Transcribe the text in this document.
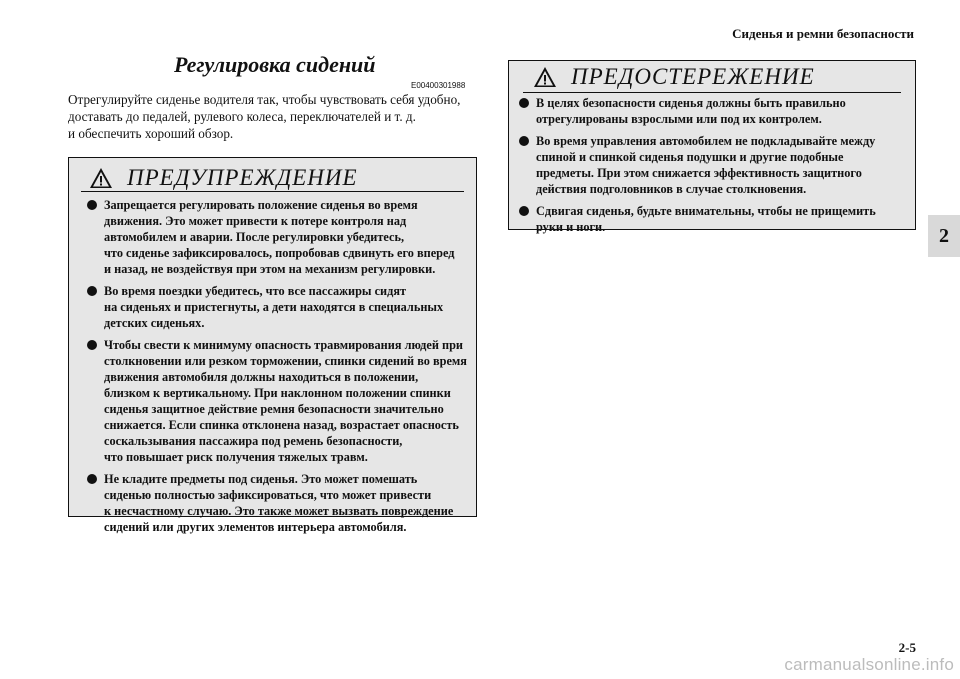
Сиденья и ремни безопасности
2
Регулировка сидений
E00400301988
Отрегулируйте сиденье водителя так, чтобы чувствовать себя удобно,
доставать до педалей, рулевого колеса, переключателей и т. д.
и обеспечить хороший обзор.
ПРЕДУПРЕЖДЕНИЕ
Запрещается регулировать положение сиденья во время
движения. Это может привести к потере контроля над
автомобилем и аварии. После регулировки убедитесь,
что сиденье зафиксировалось, попробовав сдвинуть его вперед
и назад, не воздействуя при этом на механизм регулировки.
Во время поездки убедитесь, что все пассажиры сидят
на сиденьях и пристегнуты, а дети находятся в специальных
детских сиденьях.
Чтобы свести к минимуму опасность травмирования людей при
столкновении или резком торможении, спинки сидений во время
движения автомобиля должны находиться в положении,
близком к вертикальному. При наклонном положении спинки
сиденья защитное действие ремня безопасности значительно
снижается. Если спинка отклонена назад, возрастает опасность
соскальзывания пассажира под ремень безопасности,
что повышает риск получения тяжелых травм.
Не кладите предметы под сиденья. Это может помешать
сиденью полностью зафиксироваться, что может привести
к несчастному случаю. Это также может вызвать повреждение
сидений или других элементов интерьера автомобиля.
ПРЕДОСТЕРЕЖЕНИЕ
В целях безопасности сиденья должны быть правильно
отрегулированы взрослыми или под их контролем.
Во время управления автомобилем не подкладывайте между
спиной и спинкой сиденья подушки и другие подобные
предметы. При этом снижается эффективность защитного
действия подголовников в случае столкновения.
Сдвигая сиденья, будьте внимательны, чтобы не прищемить
руки и ноги.
2-5
carmanualsonline.info
